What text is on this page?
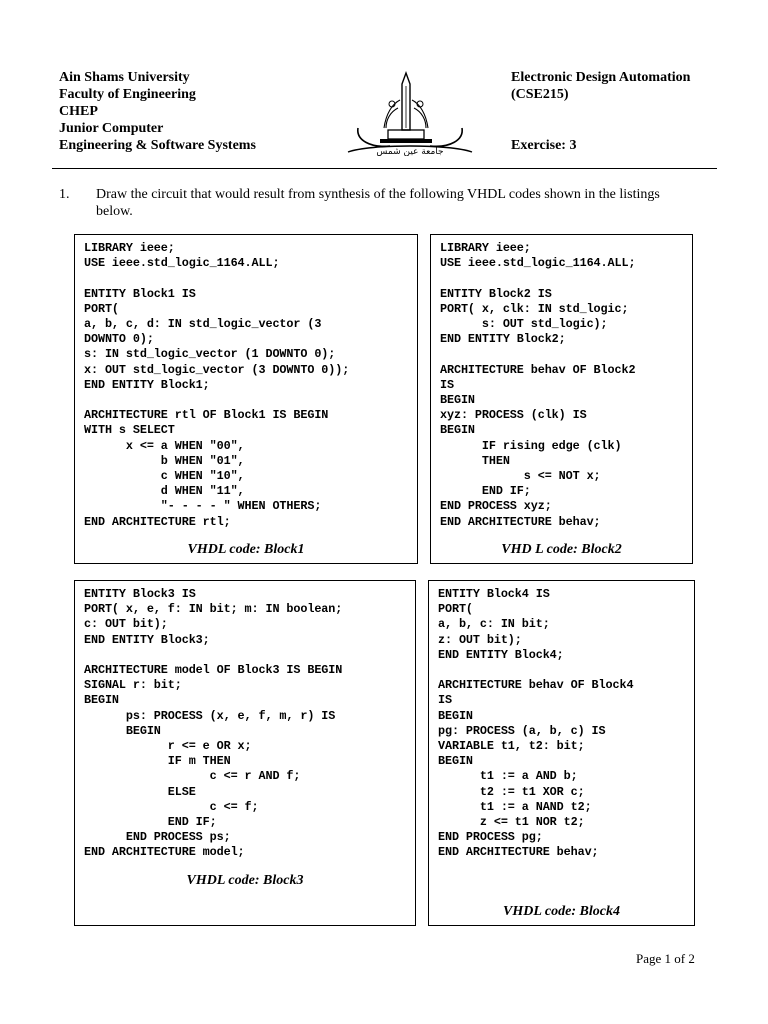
Ain Shams University
Faculty of Engineering
CHEP
Junior Computer
Engineering & Software Systems	جامعة عين شمس
Electronic Design Automation
(CSE215)
Exercise: 3
1. Draw the circuit that would result from synthesis of the following VHDL codes shown in the listings below.
LIBRARY ieee;
USE ieee.std_logic_1164.ALL;

ENTITY Block1 IS
PORT(
a, b, c, d: IN std_logic_vector (3
DOWNTO 0);
s: IN std_logic_vector (1 DOWNTO 0);
x: OUT std_logic_vector (3 DOWNTO 0));
END ENTITY Block1;

ARCHITECTURE rtl OF Block1 IS BEGIN
WITH s SELECT
x <= a WHEN "00",
b WHEN "01",
c WHEN "10",
d WHEN "11",
"- - - - " WHEN OTHERS;
END ARCHITECTURE rtl;
VHDL code: Block1
LIBRARY ieee;
USE ieee.std_logic_1164.ALL;

ENTITY Block2 IS
PORT( x, clk: IN std_logic;
s: OUT std_logic);
END ENTITY Block2;

ARCHITECTURE behav OF Block2
IS
BEGIN
xyz: PROCESS (clk) IS
BEGIN
IF rising edge (clk)
THEN
s <= NOT x;
END IF;
END PROCESS xyz;
END ARCHITECTURE behav;
VHD L code: Block2
ENTITY Block3 IS
PORT( x, e, f: IN bit; m: IN boolean;
c: OUT bit);
END ENTITY Block3;

ARCHITECTURE model OF Block3 IS BEGIN
SIGNAL r: bit;
BEGIN
ps: PROCESS (x, e, f, m, r) IS
BEGIN
r <= e OR x;
IF m THEN
c <= r AND f;
ELSE
c <= f;
END IF;
END PROCESS ps;
END ARCHITECTURE model;
VHDL code: Block3
ENTITY Block4 IS
PORT(
a, b, c: IN bit;
z: OUT bit);
END ENTITY Block4;

ARCHITECTURE behav OF Block4
IS
BEGIN
pg: PROCESS (a, b, c) IS
VARIABLE t1, t2: bit;
BEGIN
t1 := a AND b;
t2 := t1 XOR c;
t1 := a NAND t2;
z <= t1 NOR t2;
END PROCESS pg;
END ARCHITECTURE behav;
VHDL code: Block4
Page 1 of 2
